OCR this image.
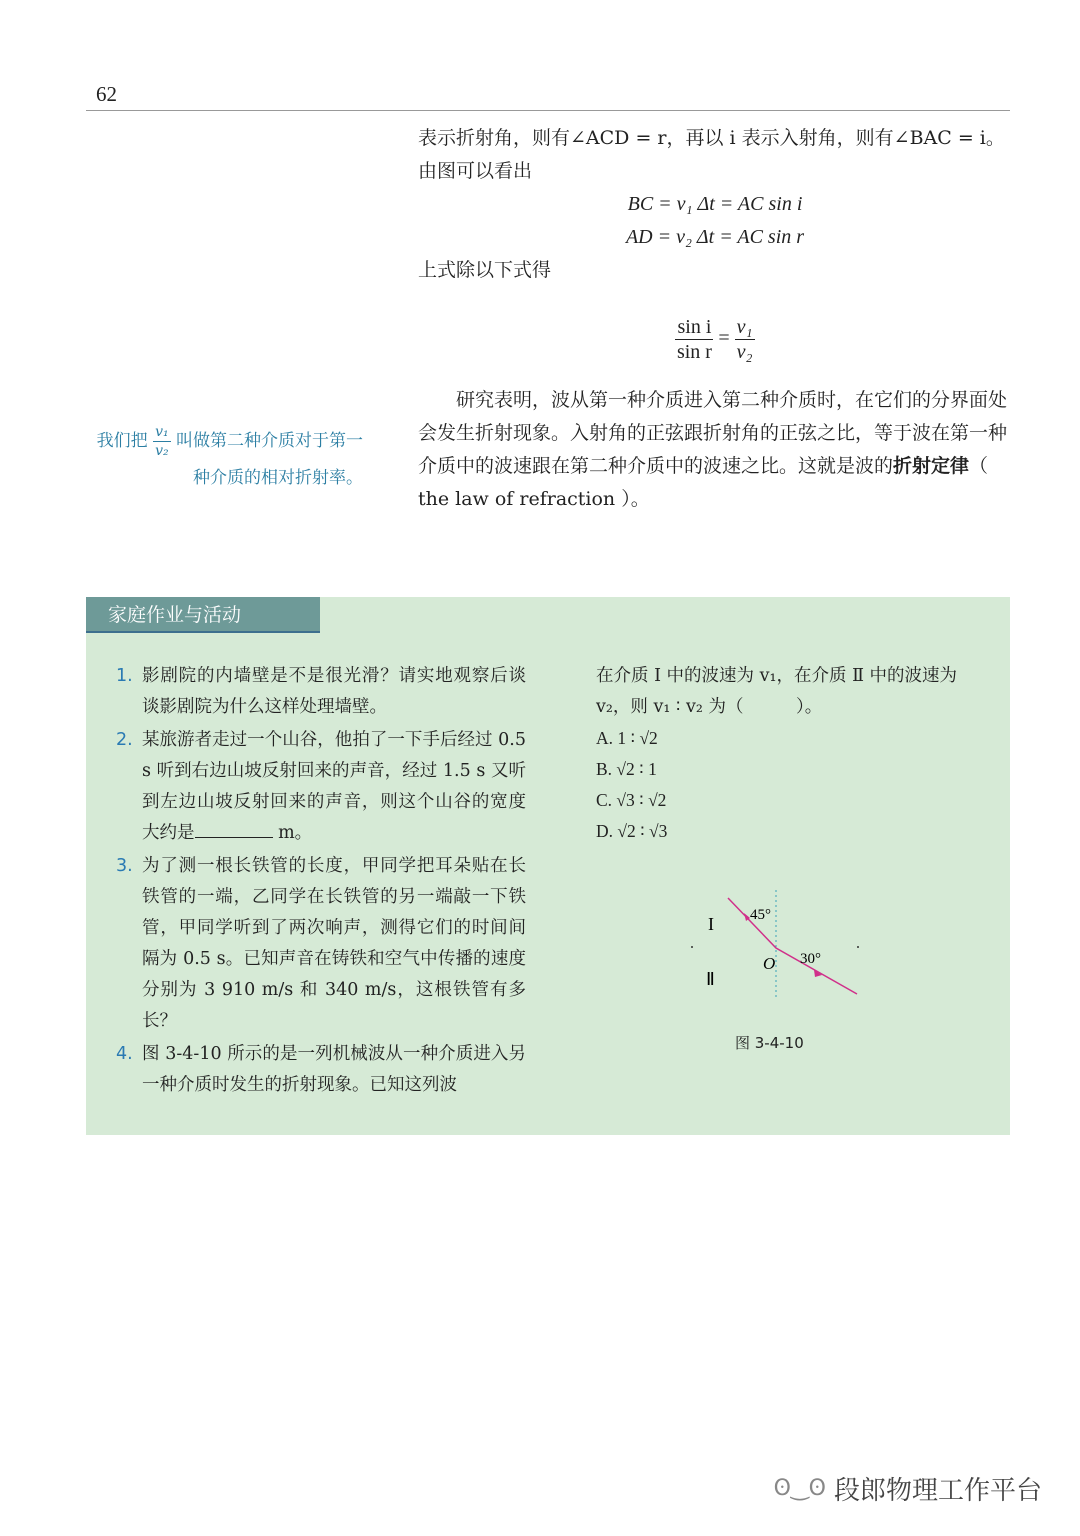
62

表示折射角，则有∠ACD = r，再以 i 表示入射角，则有∠BAC = i。由图可以看出

BC = v₁ Δt = AC sin i

AD = v₂ Δt = AC sin r

上式除以下式得

$\frac{\text{sin i}}{\text{sin r}} = \frac{\text{v₁}}{\text{v₂}}$

研究表明，波从第一种介质进入第二种介质时，在它们的分界面处会发生折射现象。入射角的正弦跟折射角的正弦之比，等于波在第一种介质中的波速跟在第二种介质中的波速之比。这就是波的折射定律（ the law of refraction ）。

我们把 $\frac{\text{v₁}}{\text{v₂}}$ 叫做第二种介质对于第一种介质的相对折射率。
家庭作业与活动
1. 影剧院的内墙壁是不是很光滑？请实地观察后谈谈影剧院为什么这样处理墙壁。
2. 某旅游者走过一个山谷，他拍了一下手后经过 0.5 s 听到右边山坡反射回来的声音，经过 1.5 s 又听到左边山坡反射回来的声音，则这个山谷的宽度大约是	m。
3. 为了测一根长铁管的长度，甲同学把耳朵贴在长铁管的一端，乙同学在长铁管的另一端敲一下铁管，甲同学听到了两次响声，测得它们的时间间隔为 0.5 s。已知声音在铸铁和空气中传播的速度分别为 3 910 m/s 和 340 m/s，这根铁管有多长？
4. 图 3-4-10 所示的是一列机械波从一种介质进入另一种介质时发生的折射现象。已知这列波
在介质 I 中的波速为 v₁，在介质 Ⅱ 中的波速为 v₂，则 v₁ ∶ v₂ 为（　　　）。
A. 1 ∶ √2
B. √2 ∶ 1
C. √3 ∶ √2
D. √2 ∶ √3
I
Ⅱ
O
45°
30°
图 3-4-10
ʘ‿ʘ 段郎物理工作平台
